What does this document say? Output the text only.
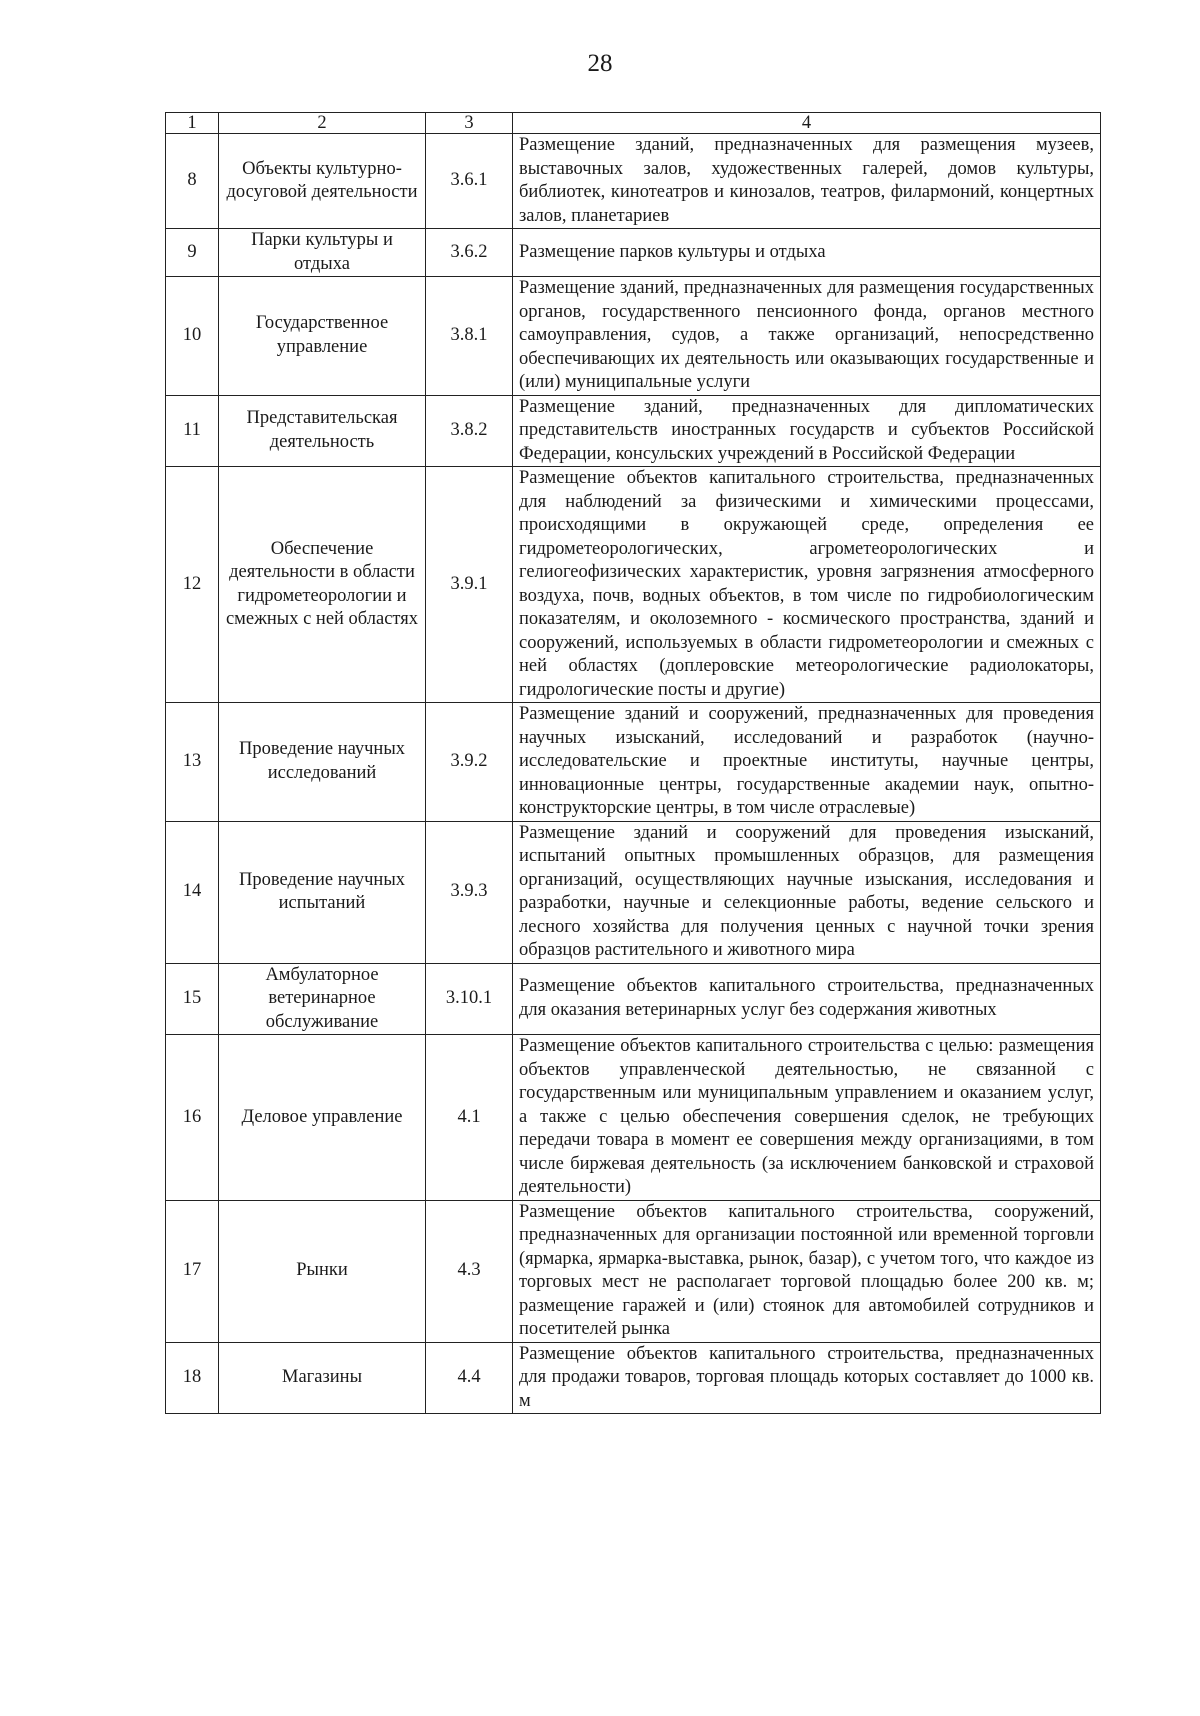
28
1	2	3	4
8	Объекты культурно-досуговой деятельности	3.6.1	Размещение зданий, предназначенных для размещения музеев, выставочных залов, художественных галерей, домов культуры, библиотек, кинотеатров и кинозалов, театров, филармоний, концертных залов, планетариев
9	Парки культуры и отдыха	3.6.2	Размещение парков культуры и отдыха
10	Государственное управление	3.8.1	Размещение зданий, предназначенных для размещения государственных органов, государственного пенсионного фонда, органов местного самоуправления, судов, а также организаций, непосредственно обеспечивающих их деятельность или оказывающих государственные и (или) муниципальные услуги
11	Представительская деятельность	3.8.2	Размещение зданий, предназначенных для дипломатических представительств иностранных государств и субъектов Российской Федерации, консульских учреждений в Российской Федерации
12	Обеспечение деятельности в области гидрометеорологии и смежных с ней областях	3.9.1	Размещение объектов капитального строительства, предназначенных для наблюдений за физическими и химическими процессами, происходящими в окружающей среде, определения ее гидрометеорологических, агрометеорологических и гелиогеофизических характеристик, уровня загрязнения атмосферного воздуха, почв, водных объектов, в том числе по гидробиологическим показателям, и околоземного - космического пространства, зданий и сооружений, используемых в области гидрометеорологии и смежных с ней областях (доплеровские метеорологические радиолокаторы, гидрологические посты и другие)
13	Проведение научных исследований	3.9.2	Размещение зданий и сооружений, предназначенных для проведения научных изысканий, исследований и разработок (научно-исследовательские и проектные институты, научные центры, инновационные центры, государственные академии наук, опытно-конструкторские центры, в том числе отраслевые)
14	Проведение научных испытаний	3.9.3	Размещение зданий и сооружений для проведения изысканий, испытаний опытных промышленных образцов, для размещения организаций, осуществляющих научные изыскания, исследования и разработки, научные и селекционные работы, ведение сельского и лесного хозяйства для получения ценных с научной точки зрения образцов растительного и животного мира
15	Амбулаторное ветеринарное обслуживание	3.10.1	Размещение объектов капитального строительства, предназначенных для оказания ветеринарных услуг без содержания животных
16	Деловое управление	4.1	Размещение объектов капитального строительства с целью: размещения объектов управленческой деятельностью, не связанной с государственным или муниципальным управлением и оказанием услуг, а также с целью обеспечения совершения сделок, не требующих передачи товара в момент ее совершения между организациями, в том числе биржевая деятельность (за исключением банковской и страховой деятельности)
17	Рынки	4.3	Размещение объектов капитального строительства, сооружений, предназначенных для организации постоянной или временной торговли (ярмарка, ярмарка-выставка, рынок, базар), с учетом того, что каждое из торговых мест не располагает торговой площадью более 200 кв. м; размещение гаражей и (или) стоянок для автомобилей сотрудников и посетителей рынка
18	Магазины	4.4	Размещение объектов капитального строительства, предназначенных для продажи товаров, торговая площадь которых составляет до 1000 кв. м
